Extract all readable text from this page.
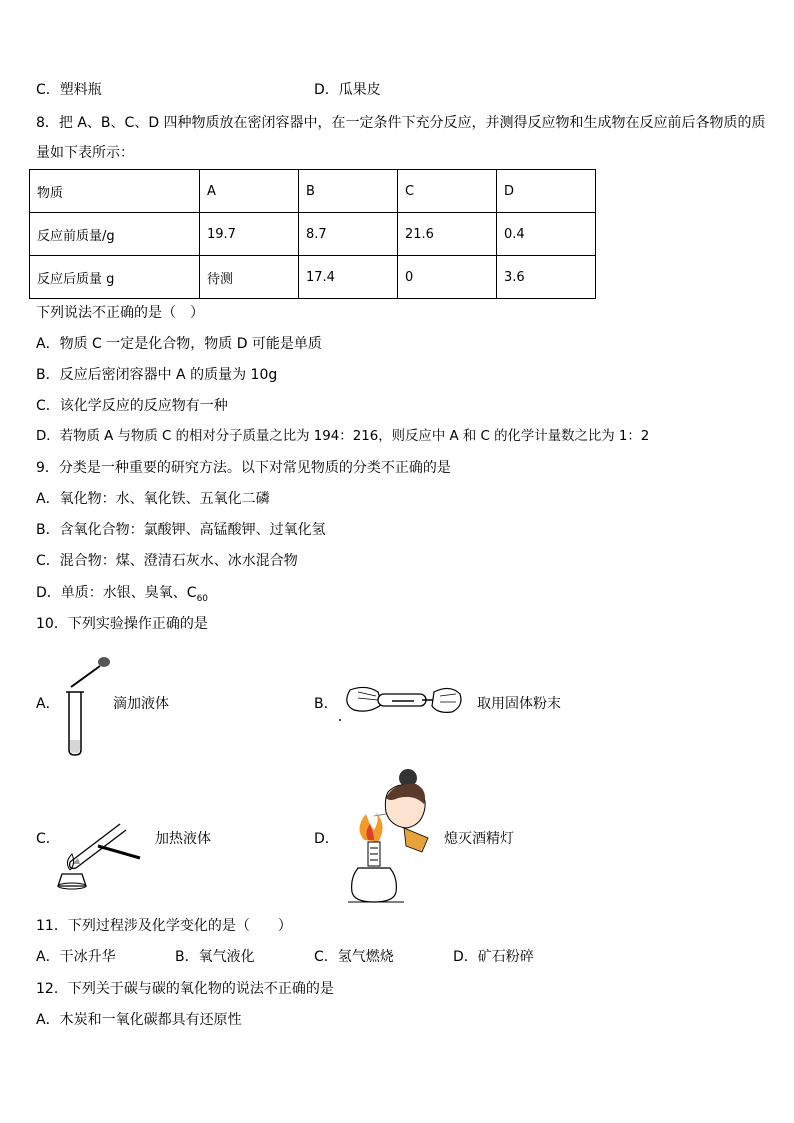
C．塑料瓶	D．瓜果皮
8．把 A、B、C、D 四种物质放在密闭容器中，在一定条件下充分反应，并测得反应物和生成物在反应前后各物质的质
量如下表所示：
物质	A	B	C	D
反应前质量/g	19.7	8.7	21.6	0.4
反应后质量 g	待测	17.4	0	3.6
下列说法不正确的是（　）
A．物质 C 一定是化合物，物质 D 可能是单质
B．反应后密闭容器中 A 的质量为 10g
C．该化学反应的反应物有一种
D．若物质 A 与物质 C 的相对分子质量之比为 194：216，则反应中 A 和 C 的化学计量数之比为 1：2
9．分类是一种重要的研究方法。以下对常见物质的分类不正确的是
A．氧化物：水、氧化铁、五氧化二磷
B．含氧化合物：氯酸钾、高锰酸钾、过氧化氢
C．混合物：煤、澄清石灰水、冰水混合物
D．单质：水银、臭氧、$C_{60}$
10．下列实验操作正确的是
A．	滴加液体	B．	取用固体粉末
C．	加热液体	D．	熄灭酒精灯
11．下列过程涉及化学变化的是（　　）
A．干冰升华	B．氧气液化	C．氢气燃烧	D．矿石粉碎
12．下列关于碳与碳的氧化物的说法不正确的是
A．木炭和一氧化碳都具有还原性
